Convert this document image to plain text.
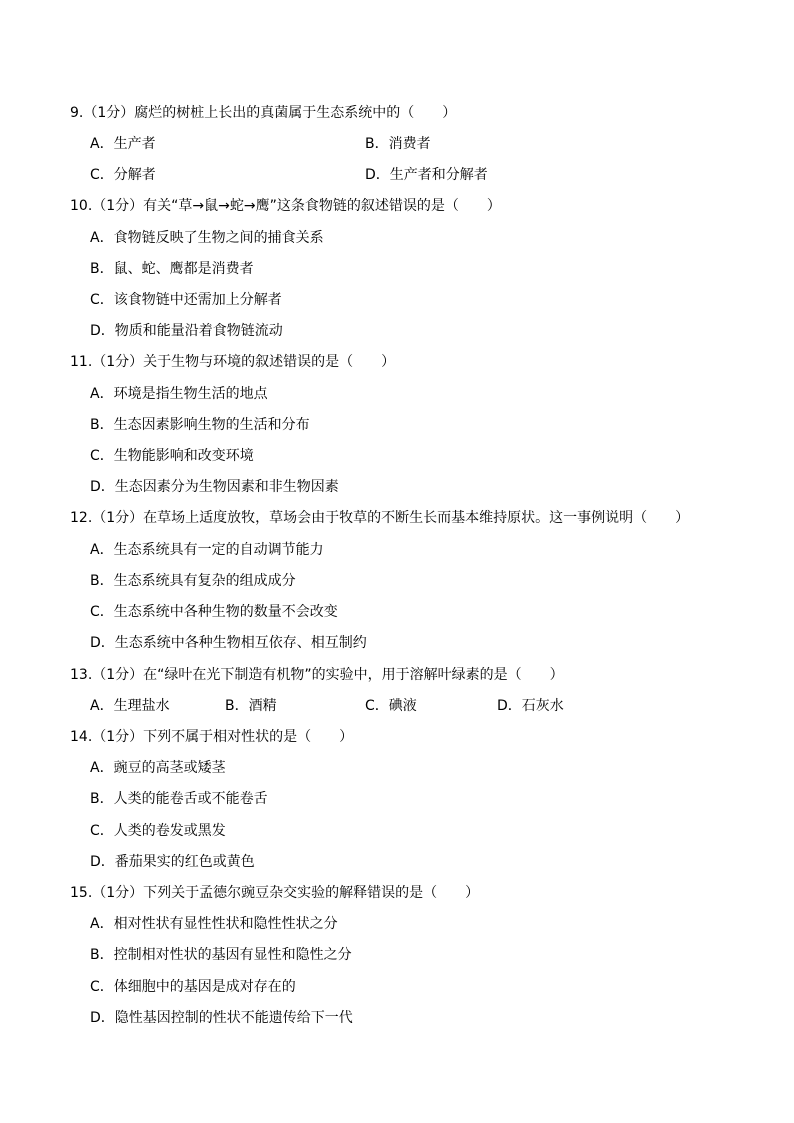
9.（1分）腐烂的树桩上长出的真菌属于生态系统中的（　　）
A．生产者	B．消费者
C．分解者	D．生产者和分解者
10.（1分）有关“草→鼠→蛇→鹰”这条食物链的叙述错误的是（　　）
A．食物链反映了生物之间的捕食关系
B．鼠、蛇、鹰都是消费者
C．该食物链中还需加上分解者
D．物质和能量沿着食物链流动
11.（1分）关于生物与环境的叙述错误的是（　　）
A．环境是指生物生活的地点
B．生态因素影响生物的生活和分布
C．生物能影响和改变环境
D．生态因素分为生物因素和非生物因素
12.（1分）在草场上适度放牧，草场会由于牧草的不断生长而基本维持原状。这一事例说明（　　）
A．生态系统具有一定的自动调节能力
B．生态系统具有复杂的组成成分
C．生态系统中各种生物的数量不会改变
D．生态系统中各种生物相互依存、相互制约
13.（1分）在“绿叶在光下制造有机物”的实验中，用于溶解叶绿素的是（　　）
A．生理盐水	B．酒精	C．碘液	D．石灰水
14.（1分）下列不属于相对性状的是（　　）
A．豌豆的高茎或矮茎
B．人类的能卷舌或不能卷舌
C．人类的卷发或黑发
D．番茄果实的红色或黄色
15.（1分）下列关于孟德尔豌豆杂交实验的解释错误的是（　　）
A．相对性状有显性性状和隐性性状之分
B．控制相对性状的基因有显性和隐性之分
C．体细胞中的基因是成对存在的
D．隐性基因控制的性状不能遗传给下一代
